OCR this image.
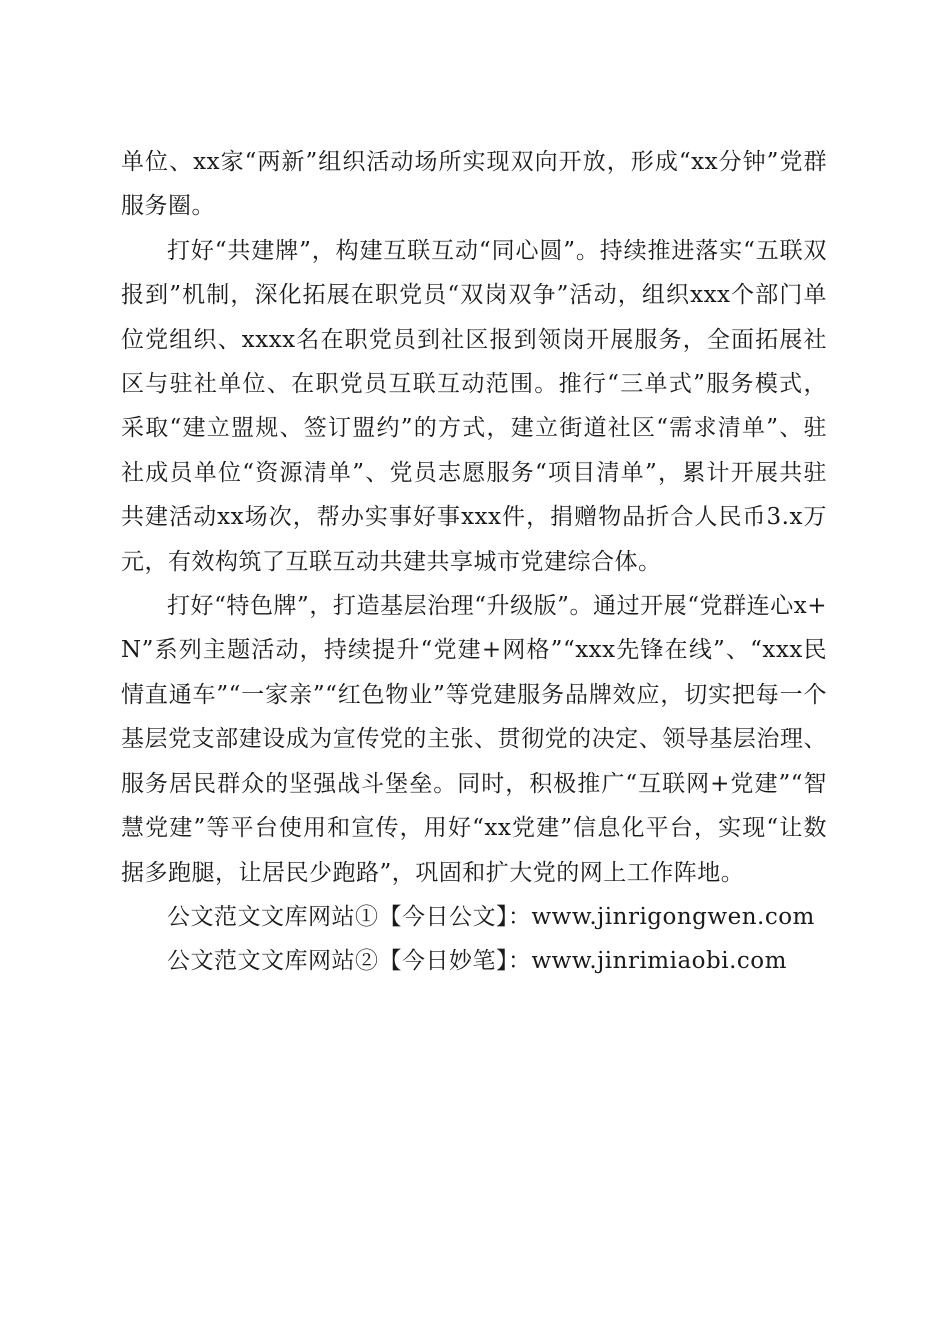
单位、xx家“两新”组织活动场所实现双向开放，形成“xx分钟”党群服务圈。

打好“共建牌”，构建互联互动“同心圆”。持续推进落实“五联双报到”机制，深化拓展在职党员“双岗双争”活动，组织xxx个部门单位党组织、xxxx名在职党员到社区报到领岗开展服务，全面拓展社区与驻社单位、在职党员互联互动范围。推行“三单式”服务模式，采取“建立盟规、签订盟约”的方式，建立街道社区“需求清单”、驻社成员单位“资源清单”、党员志愿服务“项目清单”，累计开展共驻共建活动xx场次，帮办实事好事xxx件，捐赠物品折合人民币3.x万元，有效构筑了互联互动共建共享城市党建综合体。

打好“特色牌”，打造基层治理“升级版”。通过开展“党群连心x+N”系列主题活动，持续提升“党建+网格”“xxx先锋在线”、“xxx民情直通车”“一家亲”“红色物业”等党建服务品牌效应，切实把每一个基层党支部建设成为宣传党的主张、贯彻党的决定、领导基层治理、服务居民群众的坚强战斗堡垒。同时，积极推广“互联网+党建”“智慧党建”等平台使用和宣传，用好“xx党建”信息化平台，实现“让数据多跑腿，让居民少跑路”，巩固和扩大党的网上工作阵地。

公文范文文库网站①【今日公文】：www.jinrigongwen.com

公文范文文库网站②【今日妙笔】：www.jinrimiaobi.com
